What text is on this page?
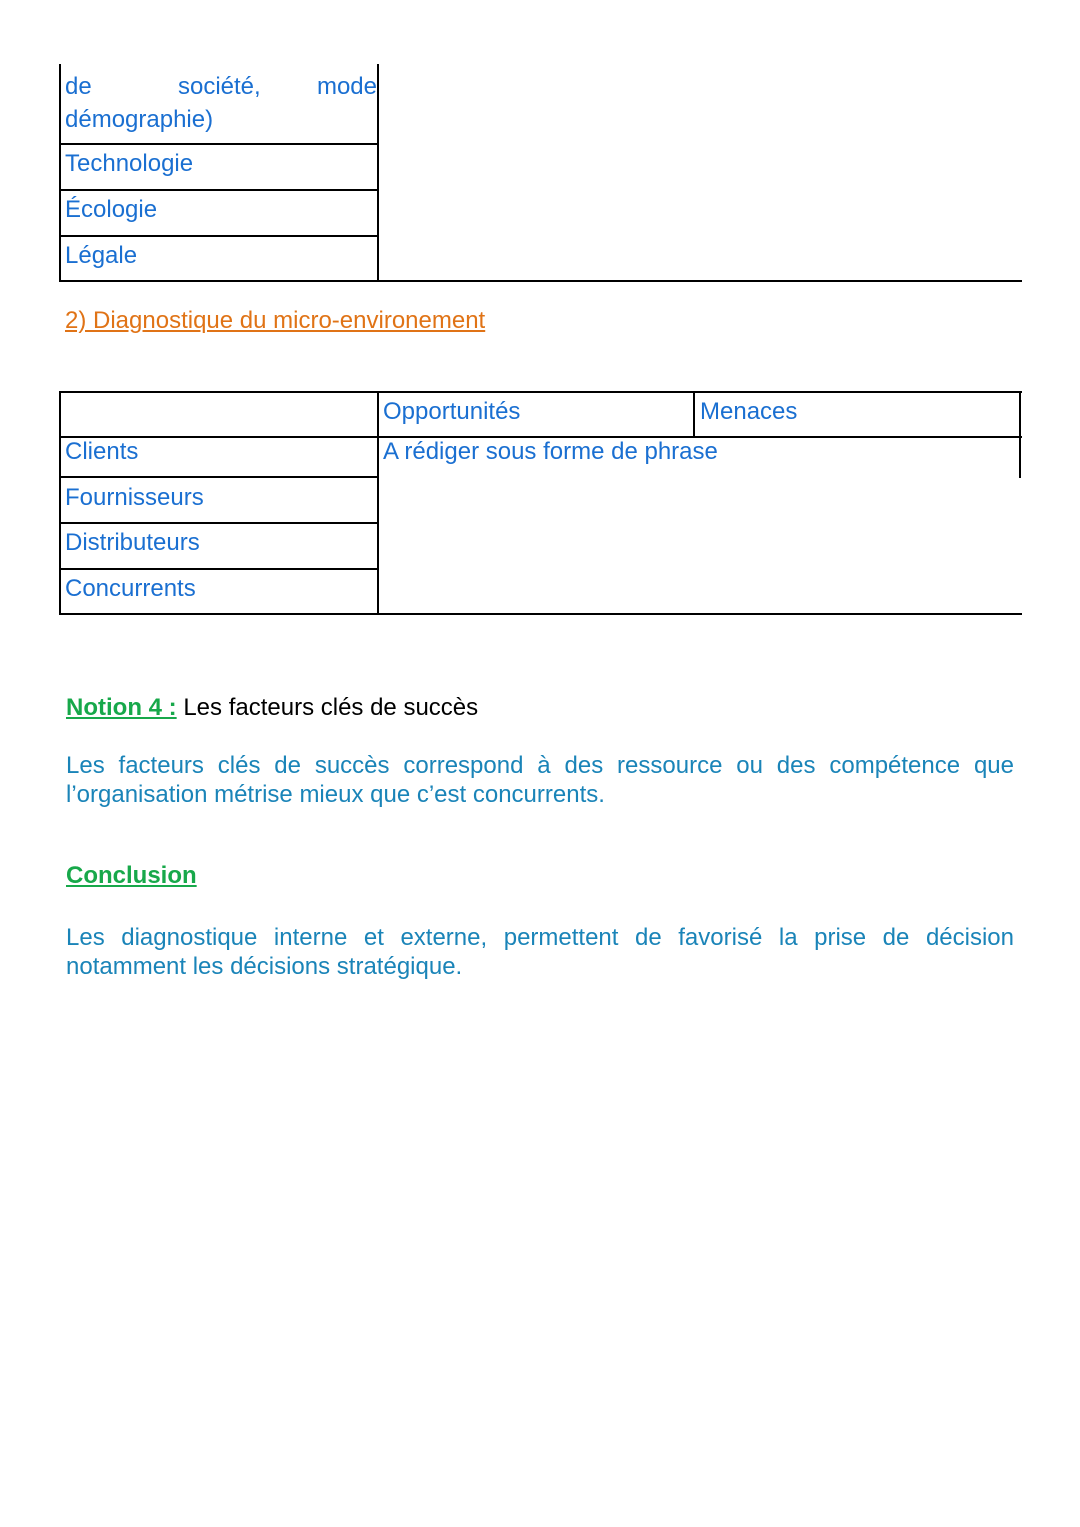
de	société, mode
démographie)
Technologie
Écologie
Légale
2) Diagnostique du micro-environement
Opportunités	Menaces
A rédiger sous forme de phrase
Clients
Fournisseurs
Distributeurs
Concurrents
Notion 4 : Les facteurs clés de succès
Les facteurs clés de succès correspond à des ressource ou des compétence que
l’organisation métrise mieux que c’est concurrents.
Conclusion
Les diagnostique interne et externe, permettent de favorisé la prise de décision
notamment les décisions stratégique.
